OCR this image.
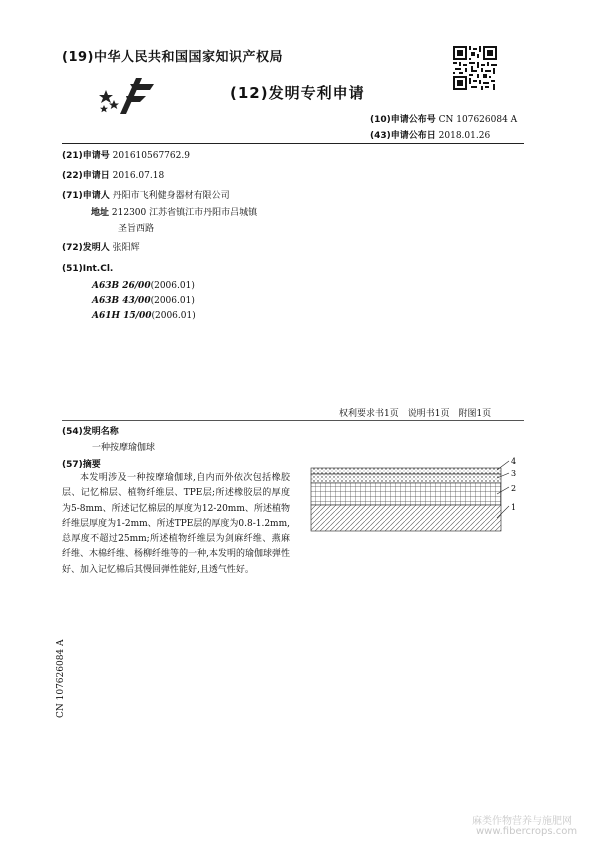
(19)中华人民共和国国家知识产权局
(12)发明专利申请
(10)申请公布号 CN 107626084 A
(43)申请公布日 2018.01.26
(21)申请号 201610567762.9
(22)申请日 2016.07.18
(71)申请人 丹阳市飞利健身器材有限公司
地址 212300 江苏省镇江市丹阳市吕城镇
圣旨西路
(72)发明人 张阳辉
(51)Int.Cl.
A63B 26/00(2006.01)
A63B 43/00(2006.01)
A61H 15/00(2006.01)
权利要求书1页　说明书1页　附图1页
(54)发明名称
一种按摩瑜伽球
(57)摘要
本发明涉及一种按摩瑜伽球,自内而外依次包括橡胶层、记忆棉层、植物纤维层、TPE层;所述橡胶层的厚度为5-8mm、所述记忆棉层的厚度为12-20mm、所述植物纤维层厚度为1-2mm、所述TPE层的厚度为0.8-1.2mm,总厚度不超过25mm;所述植物纤维层为剑麻纤维、燕麻纤维、木棉纤维、杨柳纤维等的一种,本发明的瑜伽球弹性好、加入记忆棉后其慢回弹性能好,且透气性好。
4
3
2
1
CN 107626084 A
麻类作物营养与施肥网
www.fibercrops.com
